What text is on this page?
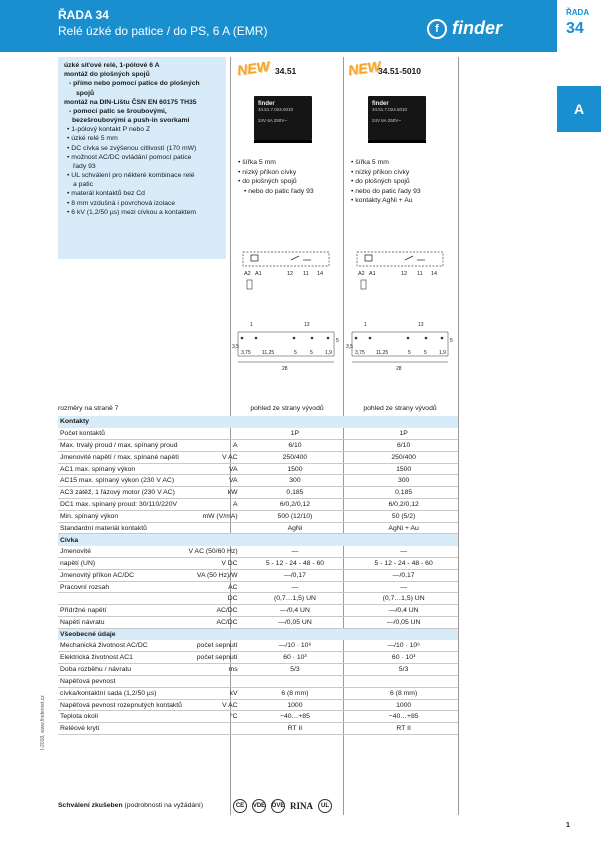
ŘADA 34
Relé úzké do patice / do PS, 6 A (EMR)	f finder
ŘADA
34
A
úzké síťové relé, 1-pólové 6 A
montáž do plošných spojů
- přímo nebo pomocí patice do plošných
spojů
montáž na DIN-Lištu ČSN EN 60175 TH35
- pomocí patic se šroubovými,
bezešroubovými a push-in svorkami
• 1-pólový kontakt P nebo Z
• úzké relé 5 mm
• DC cívka se zvýšenou citlivostí (170 mW)
• možnost AC/DC ovládání pomocí patice
řady 93
• UL schválení pro některé kombinace relé
a patic
• materál kontaktů bez Cd
• 8 mm vzdušná i povrchová izolace
• 6 kV (1,2/50 µs) mezi cívkou a kontaktem
NEW 34.51
finder
34.51.7.024.0010
24V 6A 250V~
• šířka 5 mm
• nízký příkon cívky
• do plošných spojů
• nebo do patic řady 93
NEW
34.51-5010
finder
34.51.7.024.5010
24V 6A 250V~
• šířka 5 mm
• nízký příkon cívky
• do plošných spojů
• nebo do patic řady 93
• kontakty AgNi + Au
A2 A1	12 11 14	A2 A1	12 11 14
1	13
3,75 11,25	5	5 1,9
5
3,5
28
1	13
3,75 11,25	5	5 1,9
5
3,5
28
rozměry na straně 7	pohled ze strany vývodů	pohled ze strany vývodů
Kontakty			
Počet kontaktů		1P	1P
Max. trvalý proud / max. spínaný proud	A	6/10	6/10
Jmenovité napětí / max. spínané napětí	V AC	250/400	250/400
AC1 max. spínaný výkon	VA	1500	1500
AC15 max. spínaný výkon (230 V AC)	VA	300	300
AC3 zátěž, 1 fázový motor (230 V AC)	kW	0,185	0,185
DC1 max. spínaný proud: 30/110/220V	A	6/0,2/0,12	6/0,2/0,12
Min. spínaný výkon	mW (V/mA)	500 (12/10)	50 (5/2)
Standardní materiál kontaktů		AgNi	AgNi + Au
Cívka			
Jmenovité	V AC (50/60 Hz)	—	—
napětí (UN)	V DC	5 - 12 - 24 - 48 - 60	5 - 12 - 24 - 48 - 60
Jmenovitý příkon AC/DC	VA (50 Hz)/W	—/0,17	—/0,17
Pracovní rozsah	AC	—	—
	DC	(0,7…1,5) UN	(0,7…1,5) UN
Přídržné napětí	AC/DC	—/0,4 UN	—/0,4 UN
Napětí návratu	AC/DC	—/0,05 UN	—/0,05 UN
Všeobecné údaje			
Mechanická životnost AC/DC	počet sepnutí	—/10 · 10⁶	—/10 · 10⁶
Elektrická životnost AC1	počet sepnutí	60 · 10³	60 · 10³
Doba rozběhu / návratu	ms	5/3	5/3
Napěťová pevnost			
cívka/kontaktní sada (1,2/50 µs)	kV	6 (8 mm)	6 (8 mm)
Napěťová pevnost rozepnutých kontaktů	V AC	1000	1000
Teplota okolí	°C	−40…+85	−40…+85
Reléové krytí		RT II	RT II
Schválení zkušeben (podrobnosti na vyžádání)	CE	VDE ÖVE RINA	UL
I-2018, www.findernet.cz
1
